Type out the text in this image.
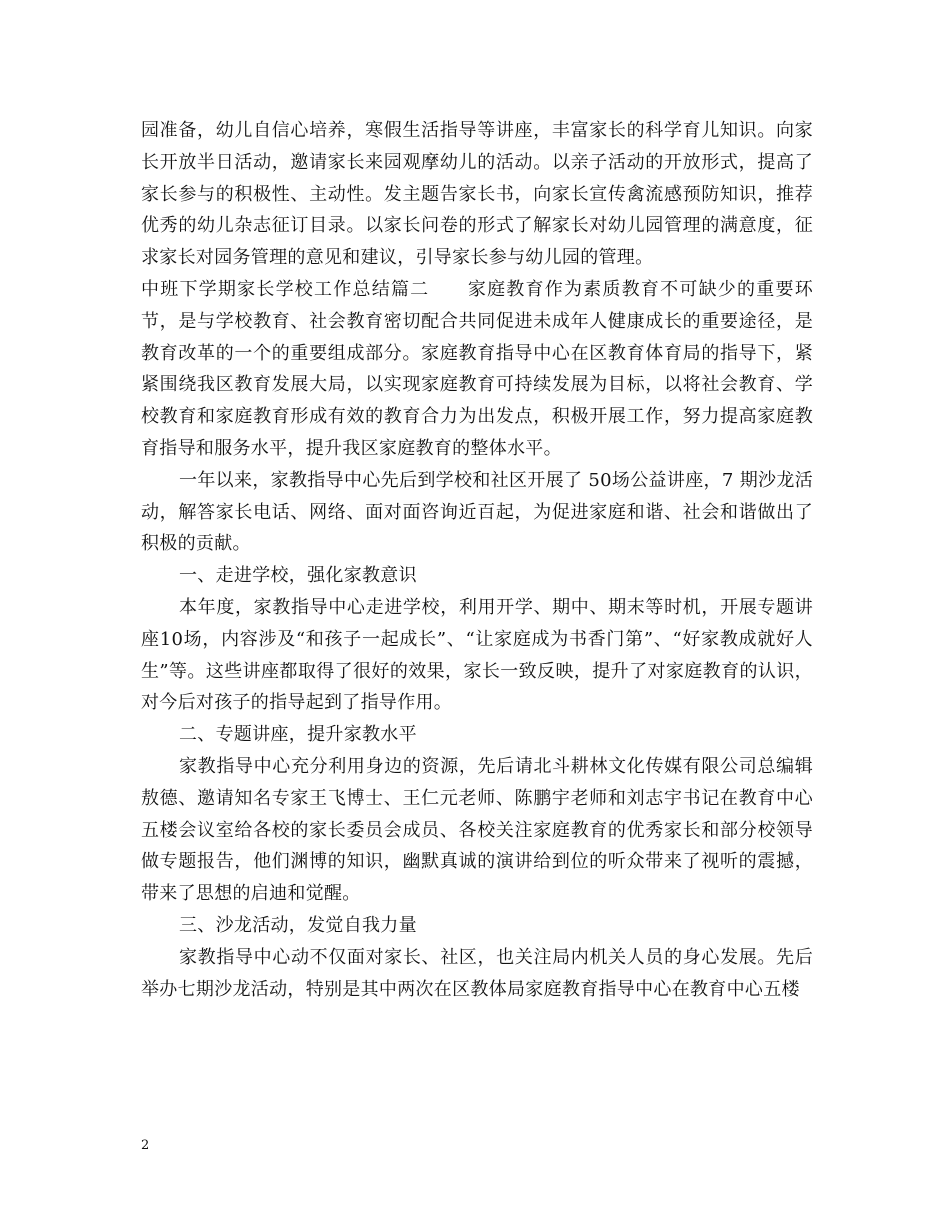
园准备，幼儿自信心培养，寒假生活指导等讲座，丰富家长的科学育儿知识。向家长开放半日活动，邀请家长来园观摩幼儿的活动。以亲子活动的开放形式，提高了家长参与的积极性、主动性。发主题告家长书，向家长宣传禽流感预防知识，推荐优秀的幼儿杂志征订目录。以家长问卷的形式了解家长对幼儿园管理的满意度，征求家长对园务管理的意见和建议，引导家长参与幼儿园的管理。

中班下学期家长学校工作总结篇二　　家庭教育作为素质教育不可缺少的重要环节，是与学校教育、社会教育密切配合共同促进未成年人健康成长的重要途径，是教育改革的一个的重要组成部分。家庭教育指导中心在区教育体育局的指导下，紧紧围绕我区教育发展大局，以实现家庭教育可持续发展为目标，以将社会教育、学校教育和家庭教育形成有效的教育合力为出发点，积极开展工作，努力提高家庭教育指导和服务水平，提升我区家庭教育的整体水平。

一年以来，家教指导中心先后到学校和社区开展了 50场公益讲座，7 期沙龙活动，解答家长电话、网络、面对面咨询近百起，为促进家庭和谐、社会和谐做出了积极的贡献。

一、走进学校，强化家教意识

本年度，家教指导中心走进学校，利用开学、期中、期末等时机，开展专题讲座10场，内容涉及“和孩子一起成长”、“让家庭成为书香门第”、“好家教成就好人生”等。这些讲座都取得了很好的效果，家长一致反映，提升了对家庭教育的认识，对今后对孩子的指导起到了指导作用。

二、专题讲座，提升家教水平

家教指导中心充分利用身边的资源，先后请北斗耕林文化传媒有限公司总编辑敖德、邀请知名专家王飞博士、王仁元老师、陈鹏宇老师和刘志宇书记在教育中心五楼会议室给各校的家长委员会成员、各校关注家庭教育的优秀家长和部分校领导做专题报告，他们渊博的知识，幽默真诚的演讲给到位的听众带来了视听的震撼，带来了思想的启迪和觉醒。

三、沙龙活动，发觉自我力量

家教指导中心动不仅面对家长、社区，也关注局内机关人员的身心发展。先后举办七期沙龙活动，特别是其中两次在区教体局家庭教育指导中心在教育中心五楼

2
